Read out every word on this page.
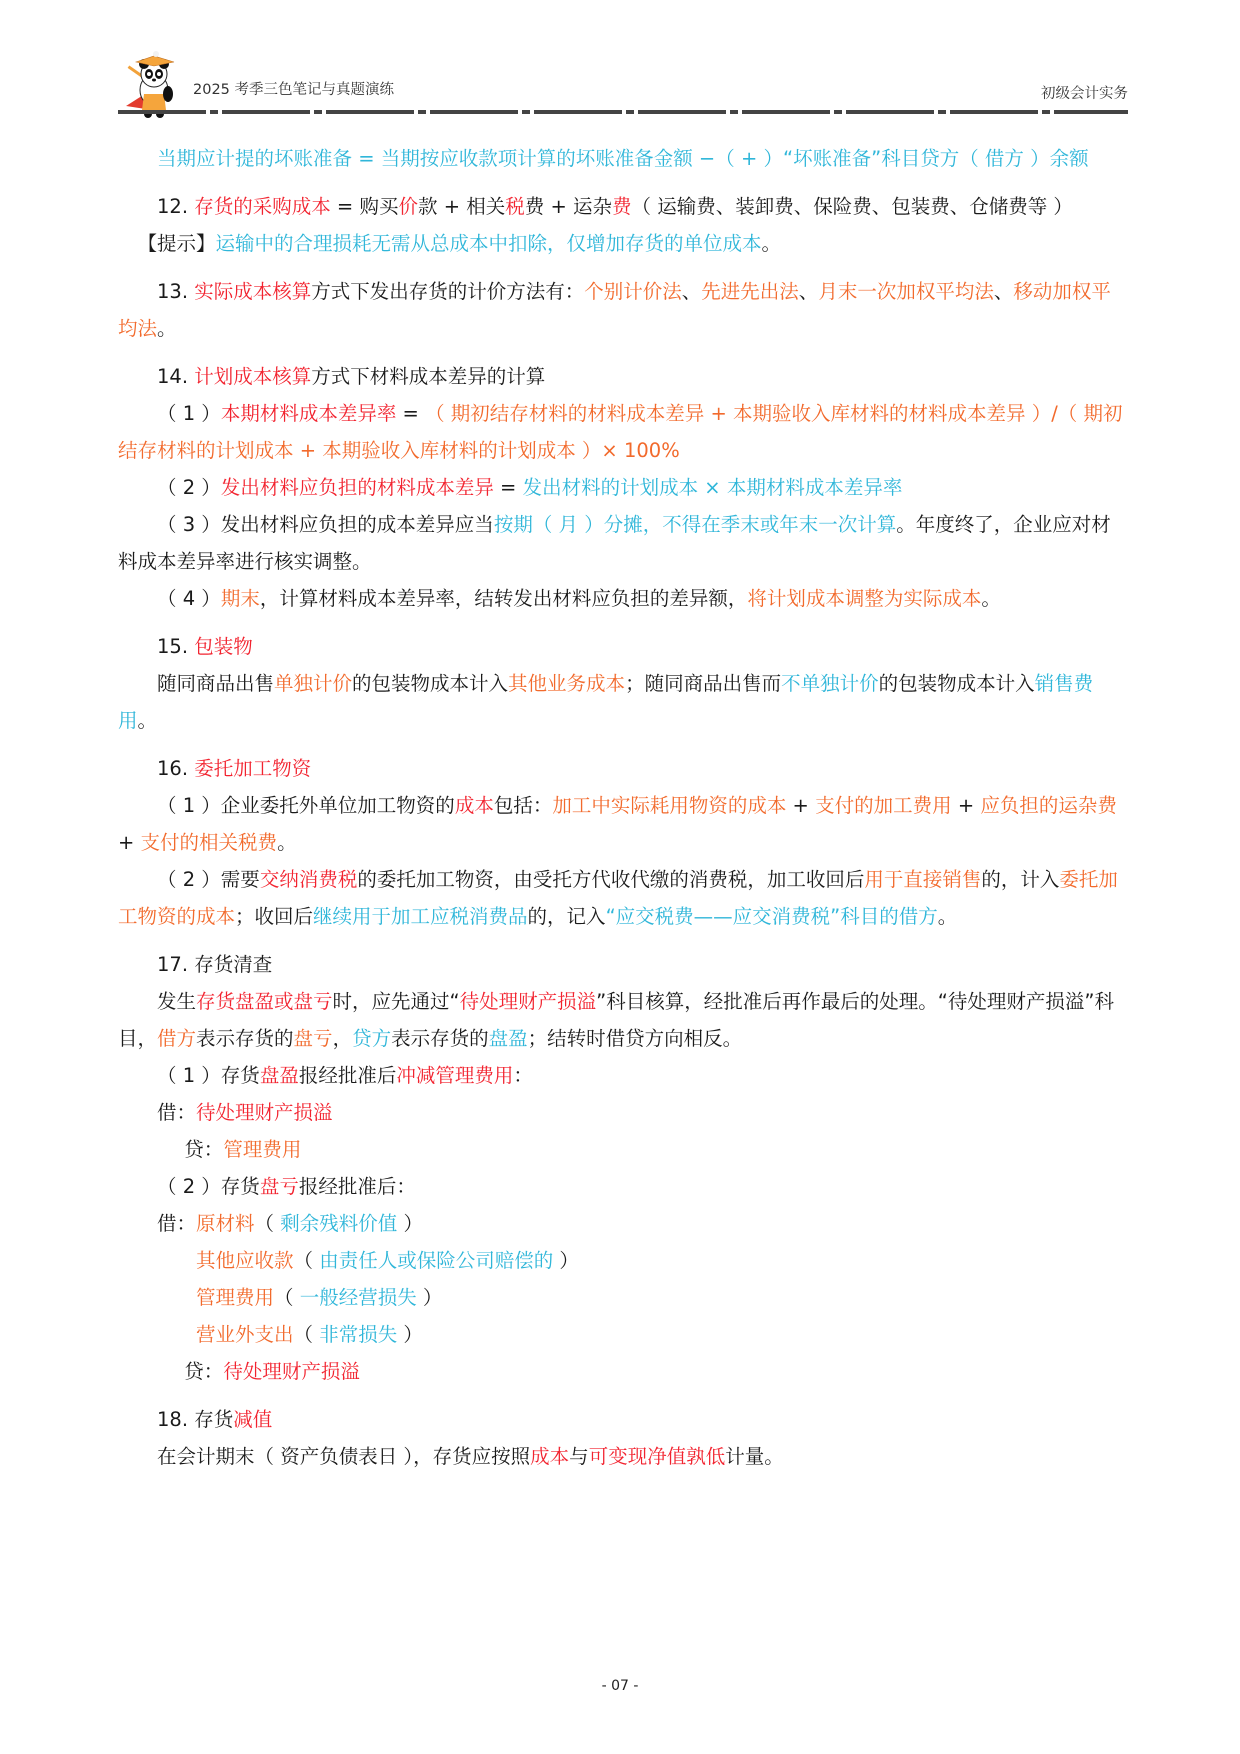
2025 考季三色笔记与真题演练	初级会计实务

当期应计提的坏账准备 = 当期按应收款项计算的坏账准备金额 −（ + ）“坏账准备”科目贷方（ 借方 ）余额

12. 存货的采购成本 = 购买价款 + 相关税费 + 运杂费（ 运输费、装卸费、保险费、包装费、仓储费等 ）

【提示】运输中的合理损耗无需从总成本中扣除，仅增加存货的单位成本。

13. 实际成本核算方式下发出存货的计价方法有：个别计价法、先进先出法、月末一次加权平均法、移动加权平均法。

14. 计划成本核算方式下材料成本差异的计算

（ 1 ）本期材料成本差异率 = （ 期初结存材料的材料成本差异 + 本期验收入库材料的材料成本差异 ）/（ 期初结存材料的计划成本 + 本期验收入库材料的计划成本 ）× 100%

（ 2 ）发出材料应负担的材料成本差异 = 发出材料的计划成本 × 本期材料成本差异率

（ 3 ）发出材料应负担的成本差异应当按期（ 月 ）分摊，不得在季末或年末一次计算。年度终了，企业应对材料成本差异率进行核实调整。

（ 4 ）期末，计算材料成本差异率，结转发出材料应负担的差异额，将计划成本调整为实际成本。

15. 包装物

随同商品出售单独计价的包装物成本计入其他业务成本；随同商品出售而不单独计价的包装物成本计入销售费用。

16. 委托加工物资

（ 1 ）企业委托外单位加工物资的成本包括：加工中实际耗用物资的成本 + 支付的加工费用 + 应负担的运杂费 + 支付的相关税费。

（ 2 ）需要交纳消费税的委托加工物资，由受托方代收代缴的消费税，加工收回后用于直接销售的，计入委托加工物资的成本；收回后继续用于加工应税消费品的，记入“应交税费——应交消费税”科目的借方。

17. 存货清查

发生存货盘盈或盘亏时，应先通过“待处理财产损溢”科目核算，经批准后再作最后的处理。“待处理财产损溢”科目，借方表示存货的盘亏，贷方表示存货的盘盈；结转时借贷方向相反。

（ 1 ）存货盘盈报经批准后冲减管理费用：

借：待处理财产损溢

贷：管理费用

（ 2 ）存货盘亏报经批准后：

借：原材料（ 剩余残料价值 ）

其他应收款（ 由责任人或保险公司赔偿的 ）

管理费用（ 一般经营损失 ）

营业外支出（ 非常损失 ）

贷：待处理财产损溢

18. 存货减值

在会计期末（ 资产负债表日 ），存货应按照成本与可变现净值孰低计量。

- 07 -
